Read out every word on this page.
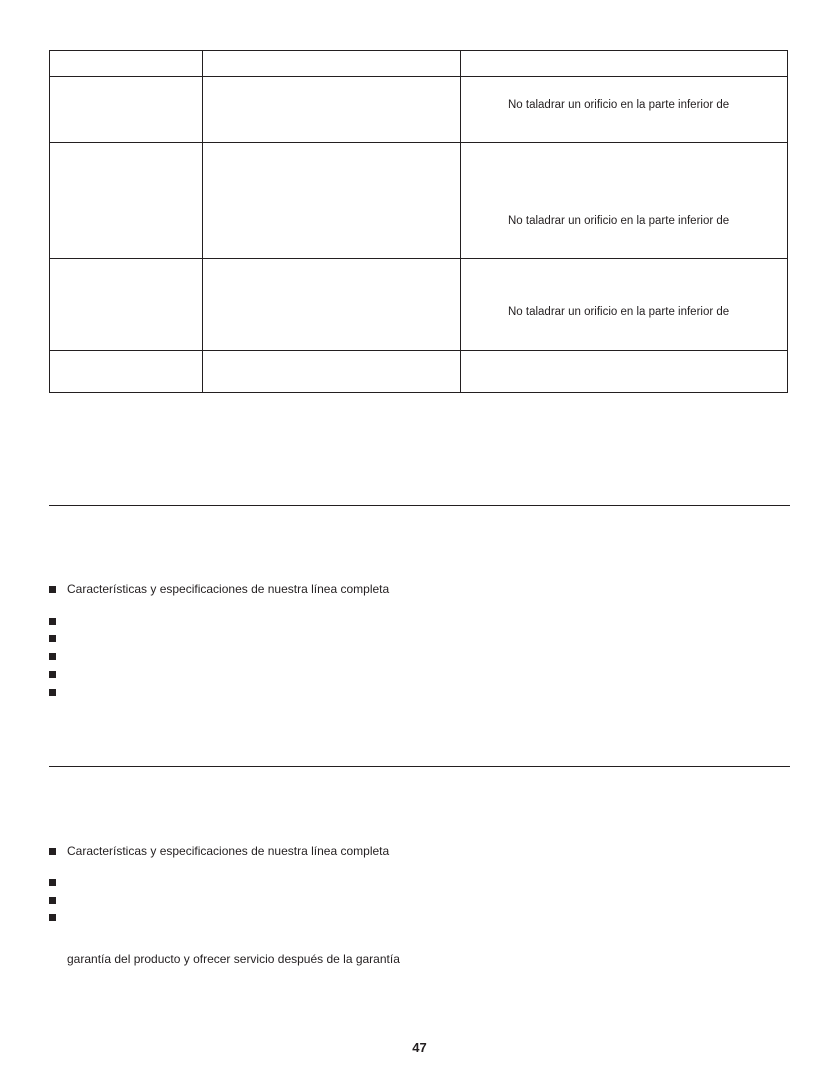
		No taladrar un orificio en la parte inferior de

		No taladrar un orificio en la parte inferior de

		No taladrar un orificio en la parte inferior de

Características y especificaciones de nuestra línea completa
Características y especificaciones de nuestra línea completa
garantía del producto y ofrecer servicio después de la garantía
47
